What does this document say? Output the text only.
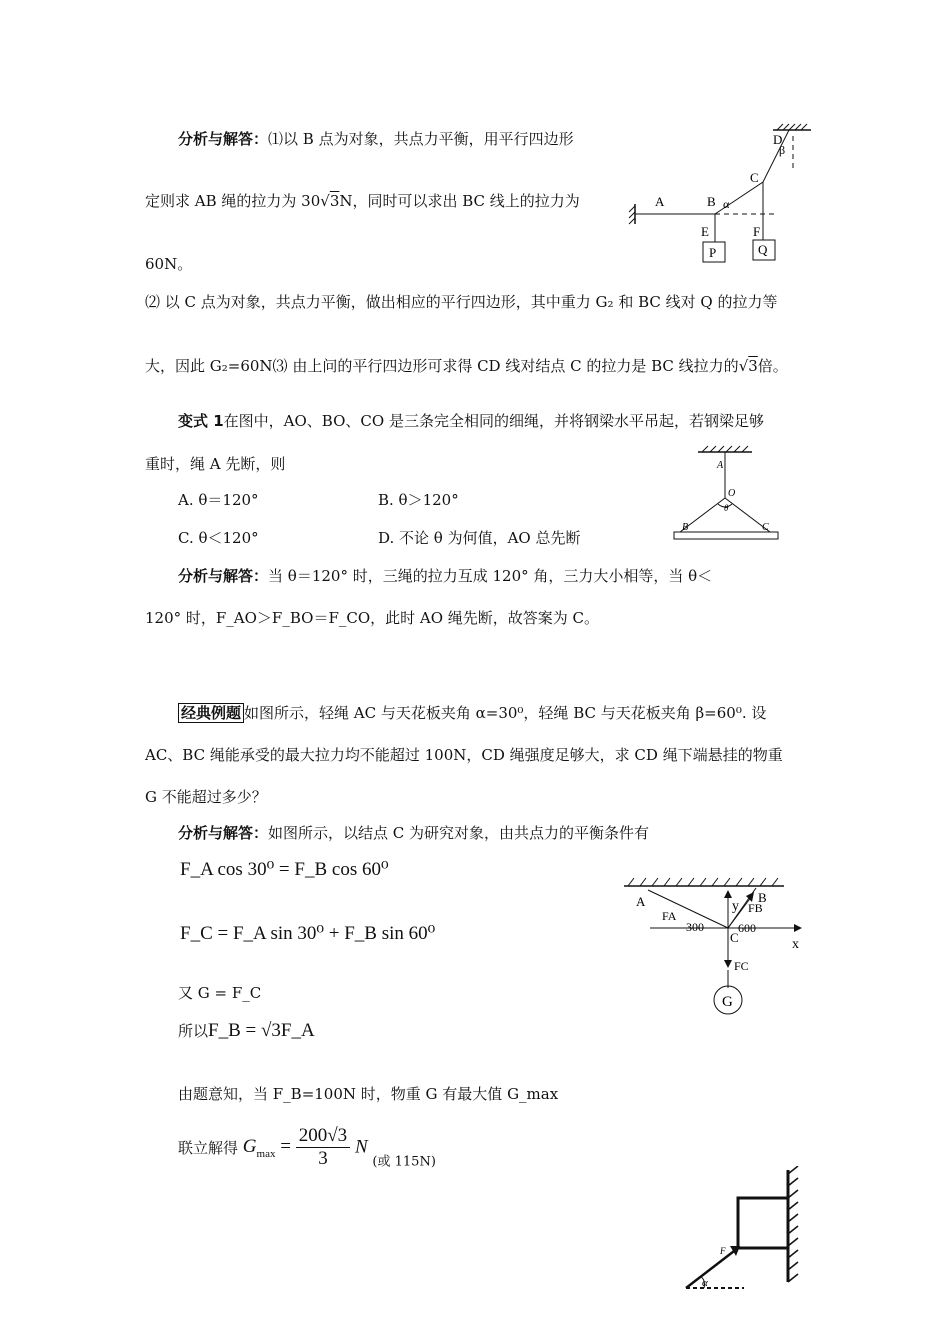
分析与解答：⑴以 B 点为对象，共点力平衡，用平行四边形
定则求 AB 绳的拉力为 30√3N，同时可以求出 BC 线上的拉力为
60N。
⑵ 以 C 点为对象，共点力平衡，做出相应的平行四边形，其中重力 G₂ 和 BC 线对 Q 的拉力等
大，因此 G₂=60N⑶ 由上问的平行四边形可求得 CD 线对结点 C 的拉力是 BC 线拉力的√3倍。
A	B α
C
D
β
E	F
P	Q
变式 1在图中，AO、BO、CO 是三条完全相同的细绳，并将钢梁水平吊起，若钢梁足够
重时，绳 A 先断，则
A. θ＝120°	B. θ＞120°
C. θ＜120°	D. 不论 θ 为何值，AO 总先断
分析与解答：当 θ＝120° 时，三绳的拉力互成 120° 角，三力大小相等，当 θ＜
120° 时，F_AO＞F_BO＝F_CO，此时 AO 绳先断，故答案为 C。
A
O
θ
B	C
经典例题 如图所示，轻绳 AC 与天花板夹角 α=30⁰，轻绳 BC 与天花板夹角 β=60⁰. 设
AC、BC 绳能承受的最大拉力均不能超过 100N，CD 绳强度足够大，求 CD 绳下端悬挂的物重
G 不能超过多少？
分析与解答：如图所示，以结点 C 为研究对象，由共点力的平衡条件有
F_A cos 30⁰ = F_B cos 60⁰
F_C = F_A sin 30⁰ + F_B sin 60⁰
又 G = F_C
所以F_B = √3F_A
由题意知，当 F_B=100N 时，物重 G 有最大值 G_max
联立解得 $G_{max} = \frac{200√3}{3}$ N (或 115N)
A	B
y
FA
FB
300	600
C	x
FC
G
F
α
